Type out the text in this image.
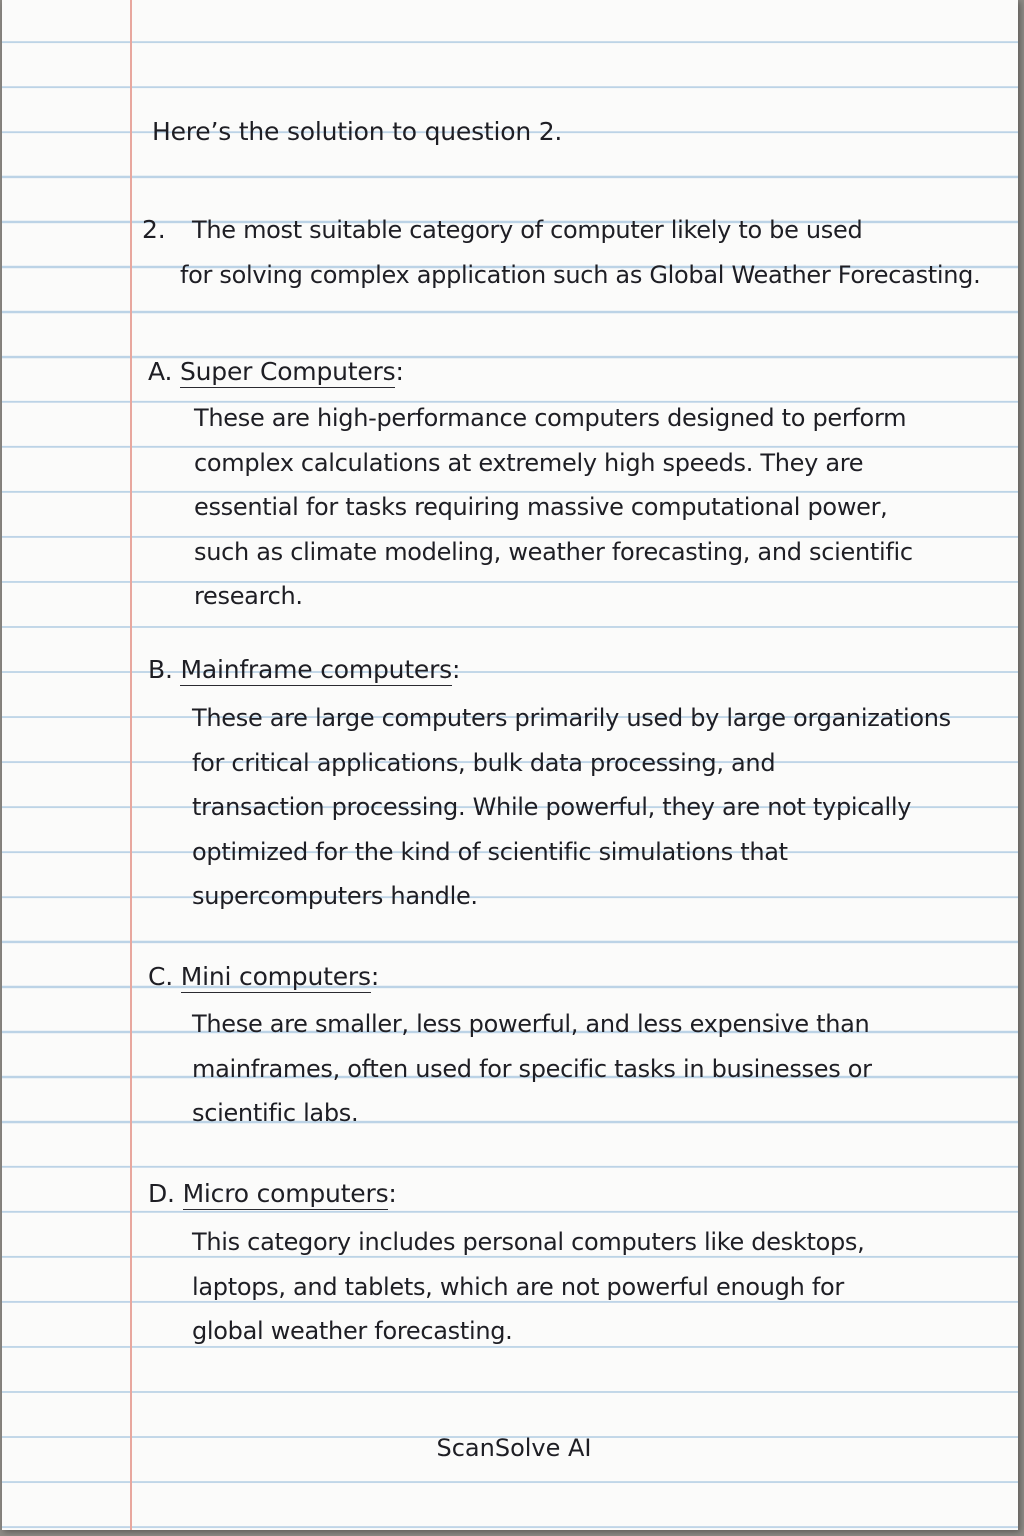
Here’s the solution to question 2.
2. The most suitable category of computer likely to be used
for solving complex application such as Global Weather Forecasting.
A. Super Computers:
These are high-performance computers designed to perform
complex calculations at extremely high speeds. They are
essential for tasks requiring massive computational power,
such as climate modeling, weather forecasting, and scientific
research.
B. Mainframe computers:
These are large computers primarily used by large organizations
for critical applications, bulk data processing, and
transaction processing. While powerful, they are not typically
optimized for the kind of scientific simulations that
supercomputers handle.
C. Mini computers:
These are smaller, less powerful, and less expensive than
mainframes, often used for specific tasks in businesses or
scientific labs.
D. Micro computers:
This category includes personal computers like desktops,
laptops, and tablets, which are not powerful enough for
global weather forecasting.
ScanSolve AI
